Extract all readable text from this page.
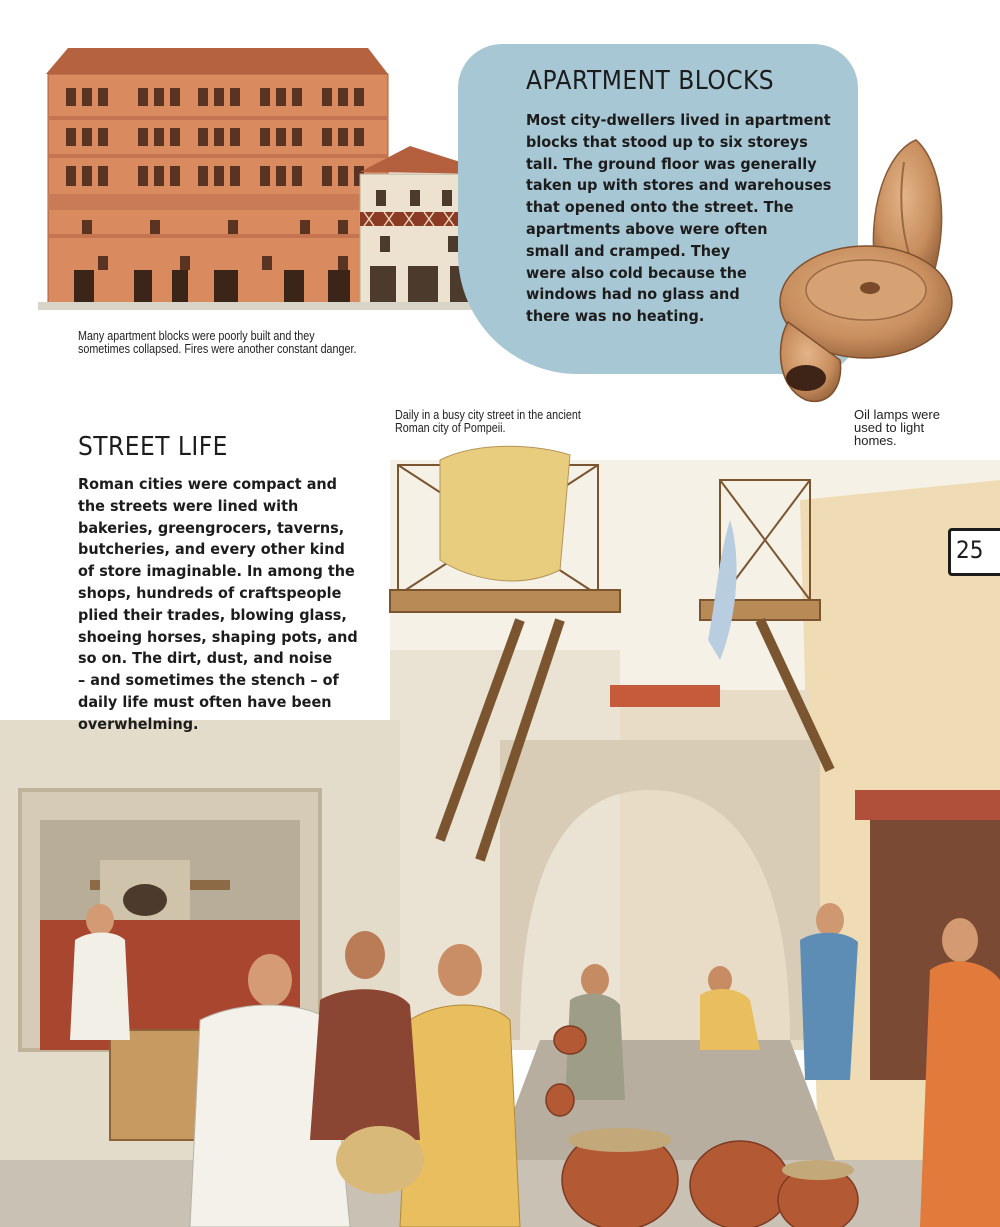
Many apartment blocks were poorly built and they
sometimes collapsed. Fires were another constant danger.
APARTMENT BLOCKS
Most city-dwellers lived in apartment
blocks that stood up to six storeys
tall. The ground floor was generally
taken up with stores and warehouses
that opened onto the street. The
apartments above were often
small and cramped. They
were also cold because the
windows had no glass and
there was no heating.
Oil lamps were
used to light
homes.
Daily in a busy city street in the ancient
Roman city of Pompeii.
STREET LIFE
Roman cities were compact and
the streets were lined with
bakeries, greengrocers, taverns,
butcheries, and every other kind
of store imaginable. In among the
shops, hundreds of craftspeople
plied their trades, blowing glass,
shoeing horses, shaping pots, and
so on. The dirt, dust, and noise
– and sometimes the stench – of
daily life must often have been
overwhelming.
25
